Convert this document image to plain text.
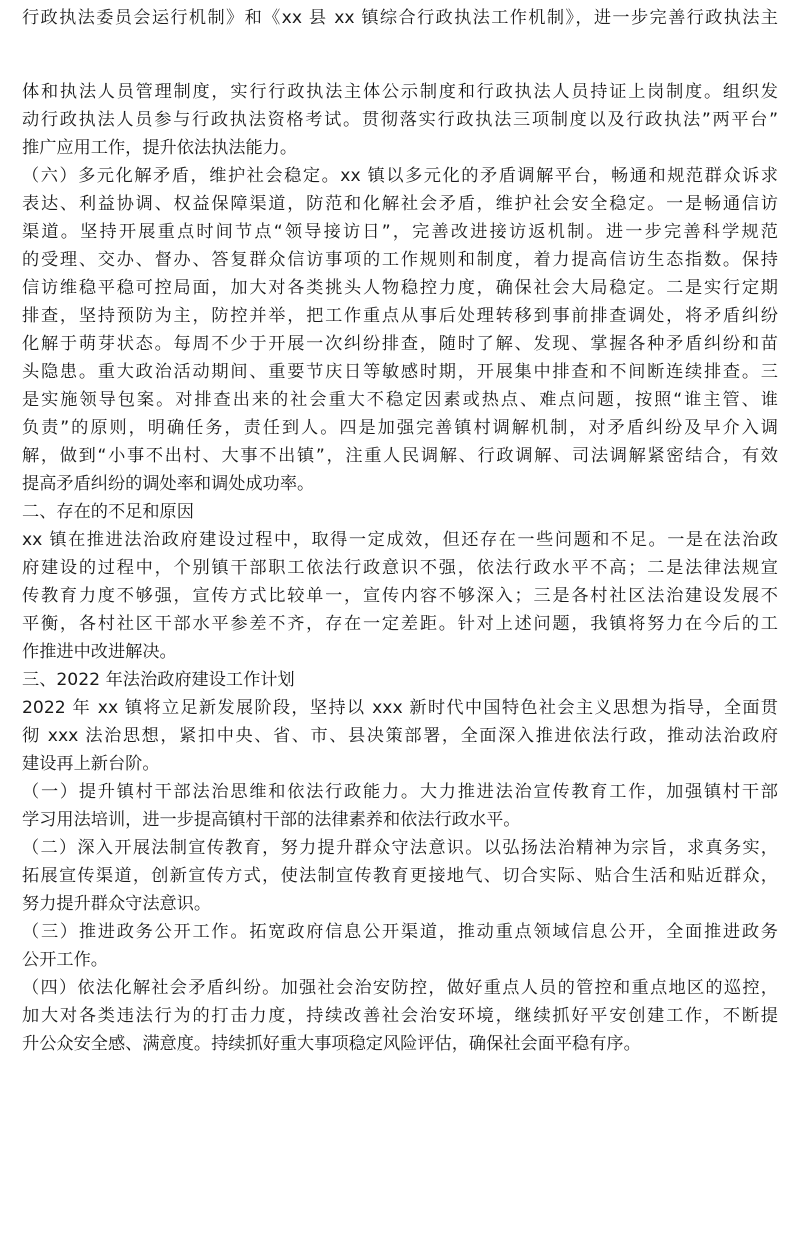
行政执法委员会运行机制》和《xx 县 xx 镇综合行政执法工作机制》，进一步完善行政执法主
体和执法人员管理制度，实行行政执法主体公示制度和行政执法人员持证上岗制度。组织发
动行政执法人员参与行政执法资格考试。贯彻落实行政执法三项制度以及行政执法”两平台”
推广应用工作，提升依法执法能力。
（六）多元化解矛盾，维护社会稳定。xx 镇以多元化的矛盾调解平台，畅通和规范群众诉求
表达、利益协调、权益保障渠道，防范和化解社会矛盾，维护社会安全稳定。一是畅通信访
渠道。坚持开展重点时间节点“领导接访日”，完善改进接访返机制。进一步完善科学规范
的受理、交办、督办、答复群众信访事项的工作规则和制度，着力提高信访生态指数。保持
信访维稳平稳可控局面，加大对各类挑头人物稳控力度，确保社会大局稳定。二是实行定期
排查，坚持预防为主，防控并举，把工作重点从事后处理转移到事前排查调处，将矛盾纠纷
化解于萌芽状态。每周不少于开展一次纠纷排查，随时了解、发现、掌握各种矛盾纠纷和苗
头隐患。重大政治活动期间、重要节庆日等敏感时期，开展集中排查和不间断连续排查。三
是实施领导包案。对排查出来的社会重大不稳定因素或热点、难点问题，按照“谁主管、谁
负责”的原则，明确任务，责任到人。四是加强完善镇村调解机制，对矛盾纠纷及早介入调
解，做到“小事不出村、大事不出镇”，注重人民调解、行政调解、司法调解紧密结合，有效
提高矛盾纠纷的调处率和调处成功率。
二、存在的不足和原因
xx 镇在推进法治政府建设过程中，取得一定成效，但还存在一些问题和不足。一是在法治政
府建设的过程中，个别镇干部职工依法行政意识不强，依法行政水平不高；二是法律法规宣
传教育力度不够强，宣传方式比较单一，宣传内容不够深入；三是各村社区法治建设发展不
平衡，各村社区干部水平参差不齐，存在一定差距。针对上述问题，我镇将努力在今后的工
作推进中改进解决。
三、2022 年法治政府建设工作计划
2022 年 xx 镇将立足新发展阶段，坚持以 xxx 新时代中国特色社会主义思想为指导，全面贯
彻 xxx 法治思想，紧扣中央、省、市、县决策部署，全面深入推进依法行政，推动法治政府
建设再上新台阶。
（一）提升镇村干部法治思维和依法行政能力。大力推进法治宣传教育工作，加强镇村干部
学习用法培训，进一步提高镇村干部的法律素养和依法行政水平。
（二）深入开展法制宣传教育，努力提升群众守法意识。以弘扬法治精神为宗旨，求真务实，
拓展宣传渠道，创新宣传方式，使法制宣传教育更接地气、切合实际、贴合生活和贴近群众，
努力提升群众守法意识。
（三）推进政务公开工作。拓宽政府信息公开渠道，推动重点领域信息公开，全面推进政务
公开工作。
（四）依法化解社会矛盾纠纷。加强社会治安防控，做好重点人员的管控和重点地区的巡控，
加大对各类违法行为的打击力度，持续改善社会治安环境，继续抓好平安创建工作，不断提
升公众安全感、满意度。持续抓好重大事项稳定风险评估，确保社会面平稳有序。
